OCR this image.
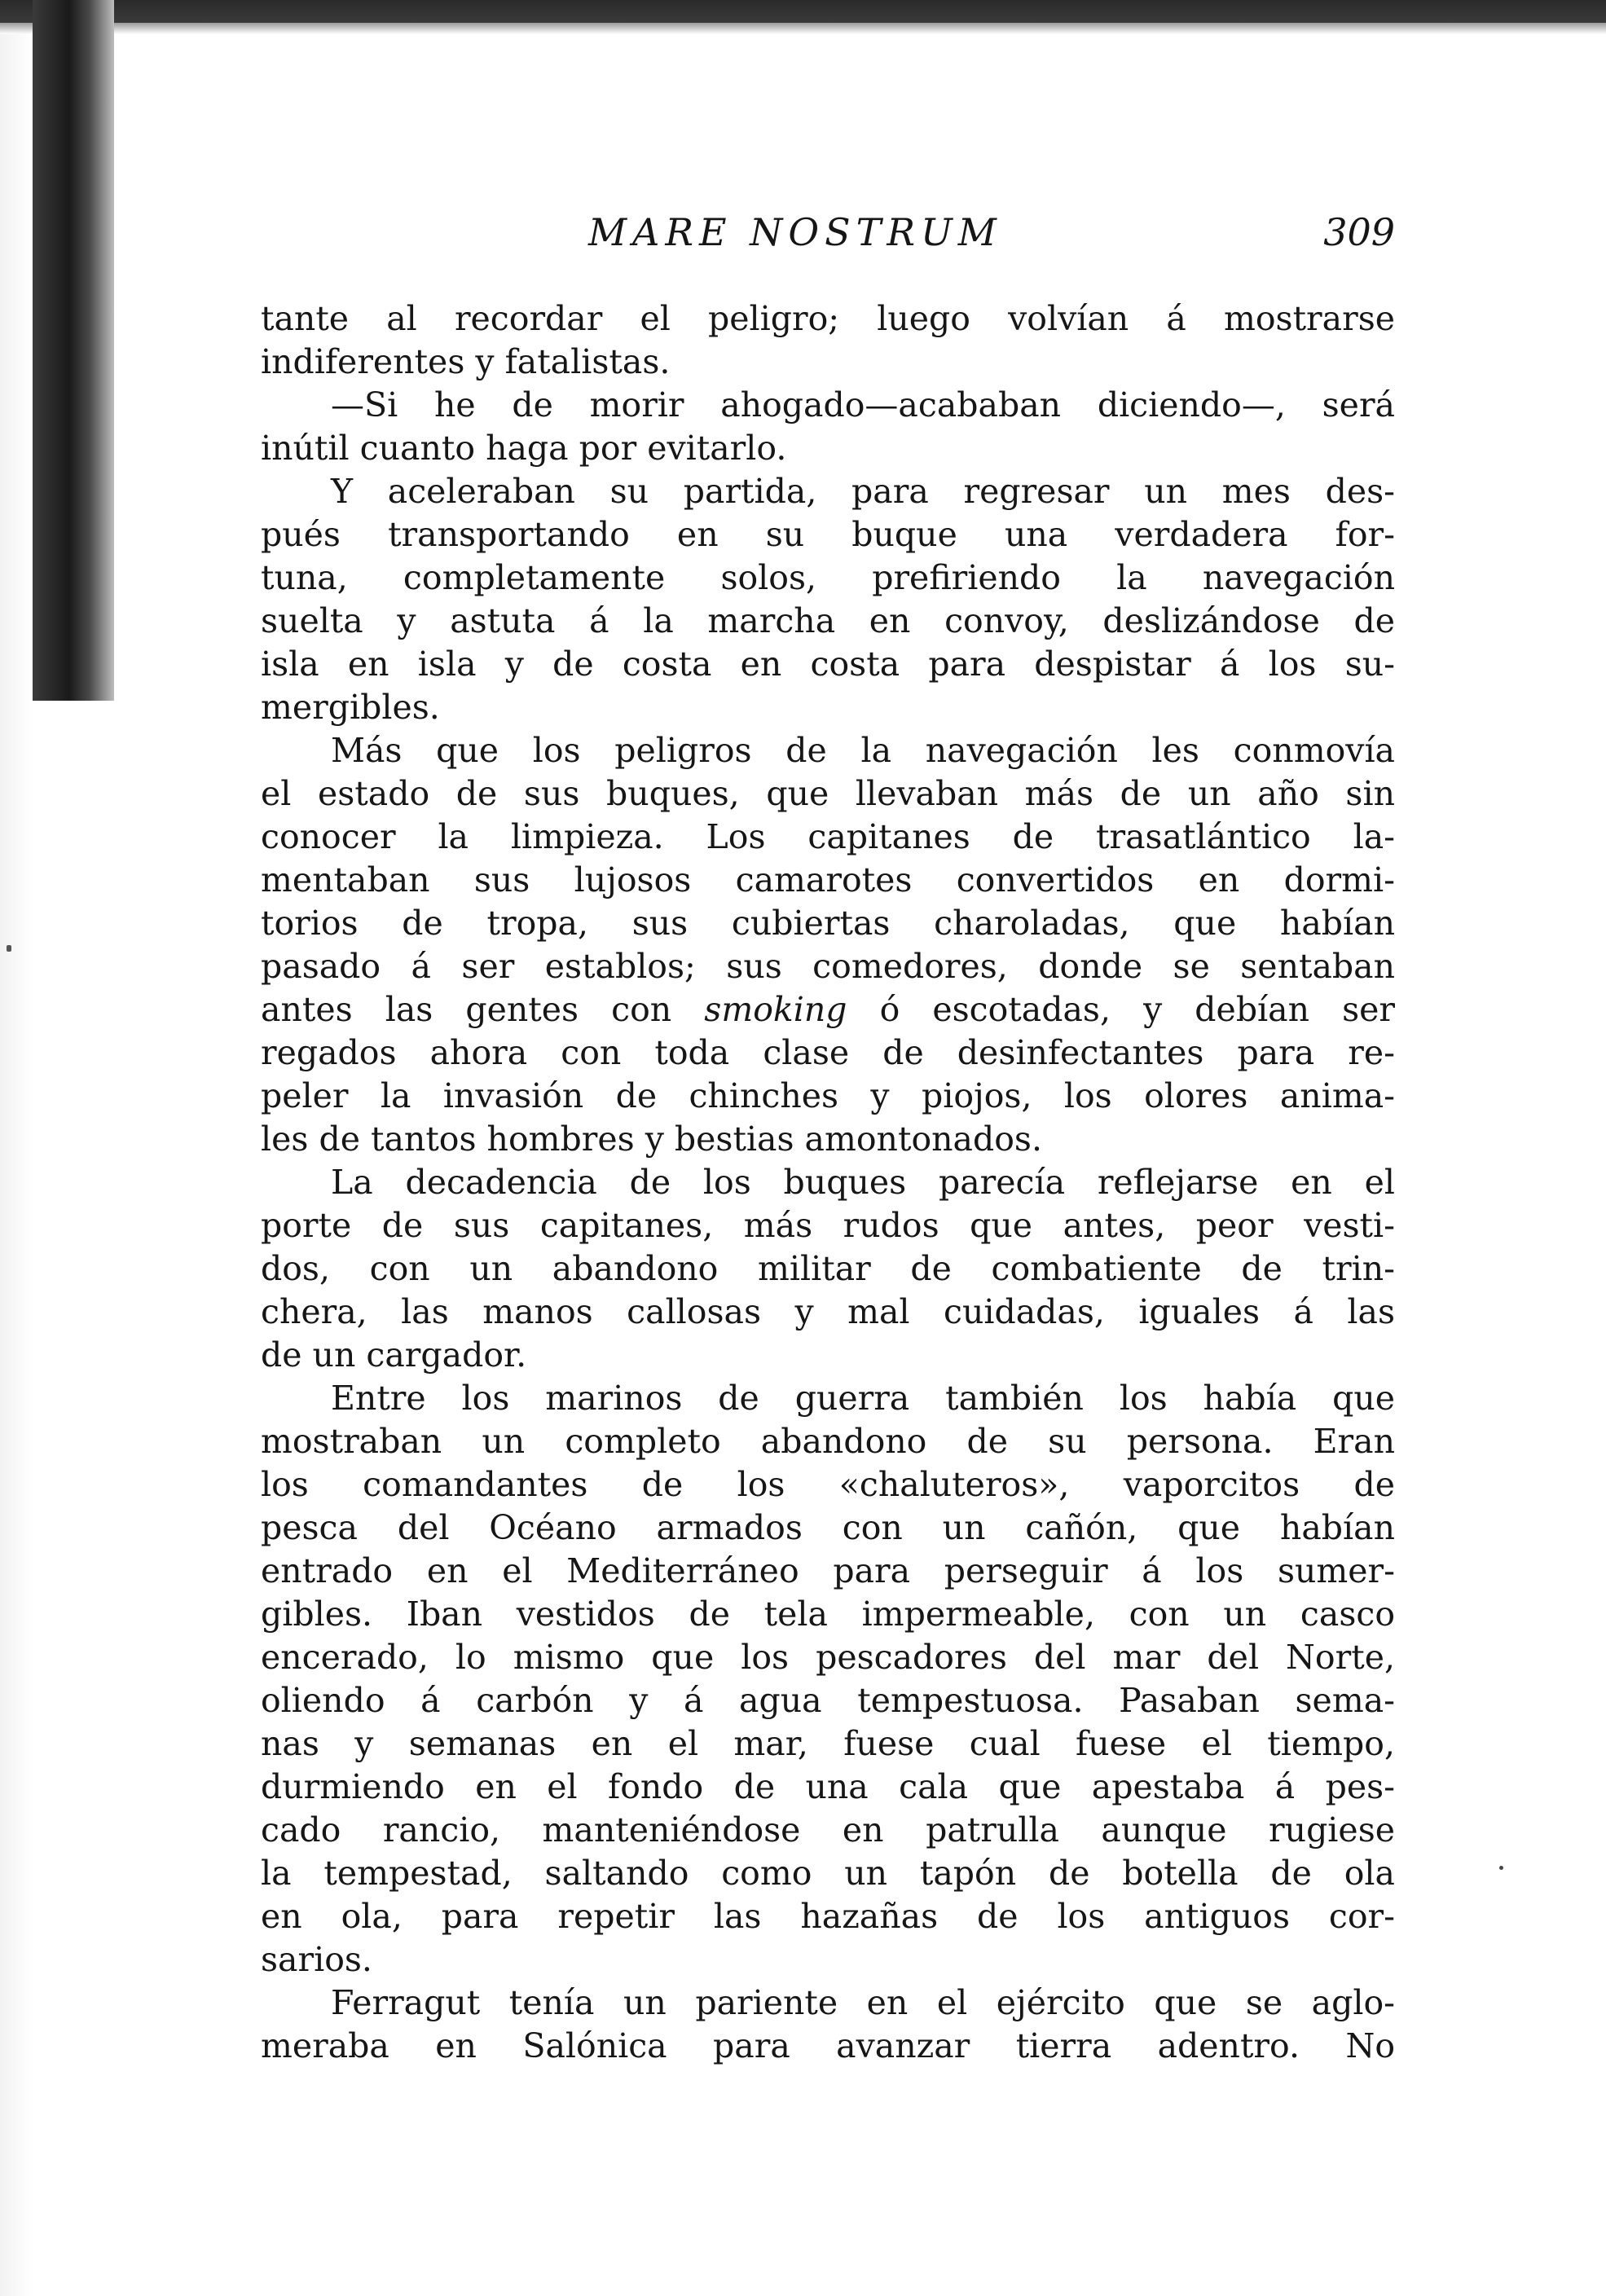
MARE NOSTRUM	309
tante al recordar el peligro; luego volvían á mostrarse
indiferentes y fatalistas.
—Si he de morir ahogado—acababan diciendo—, será
inútil cuanto haga por evitarlo.
Y aceleraban su partida, para regresar un mes des-
pués transportando en su buque una verdadera for-
tuna, completamente solos, prefiriendo la navegación
suelta y astuta á la marcha en convoy, deslizándose de
isla en isla y de costa en costa para despistar á los su-
mergibles.
Más que los peligros de la navegación les conmovía
el estado de sus buques, que llevaban más de un año sin
conocer la limpieza. Los capitanes de trasatlántico la-
mentaban sus lujosos camarotes convertidos en dormi-
torios de tropa, sus cubiertas charoladas, que habían
pasado á ser establos; sus comedores, donde se sentaban
antes las gentes con smoking ó escotadas, y debían ser
regados ahora con toda clase de desinfectantes para re-
peler la invasión de chinches y piojos, los olores anima-
les de tantos hombres y bestias amontonados.
La decadencia de los buques parecía reflejarse en el
porte de sus capitanes, más rudos que antes, peor vesti-
dos, con un abandono militar de combatiente de trin-
chera, las manos callosas y mal cuidadas, iguales á las
de un cargador.
Entre los marinos de guerra también los había que
mostraban un completo abandono de su persona. Eran
los comandantes de los «chaluteros», vaporcitos de
pesca del Océano armados con un cañón, que habían
entrado en el Mediterráneo para perseguir á los sumer-
gibles. Iban vestidos de tela impermeable, con un casco
encerado, lo mismo que los pescadores del mar del Norte,
oliendo á carbón y á agua tempestuosa. Pasaban sema-
nas y semanas en el mar, fuese cual fuese el tiempo,
durmiendo en el fondo de una cala que apestaba á pes-
cado rancio, manteniéndose en patrulla aunque rugiese
la tempestad, saltando como un tapón de botella de ola
en ola, para repetir las hazañas de los antiguos cor-
sarios.
Ferragut tenía un pariente en el ejército que se aglo-
meraba en Salónica para avanzar tierra adentro. No
